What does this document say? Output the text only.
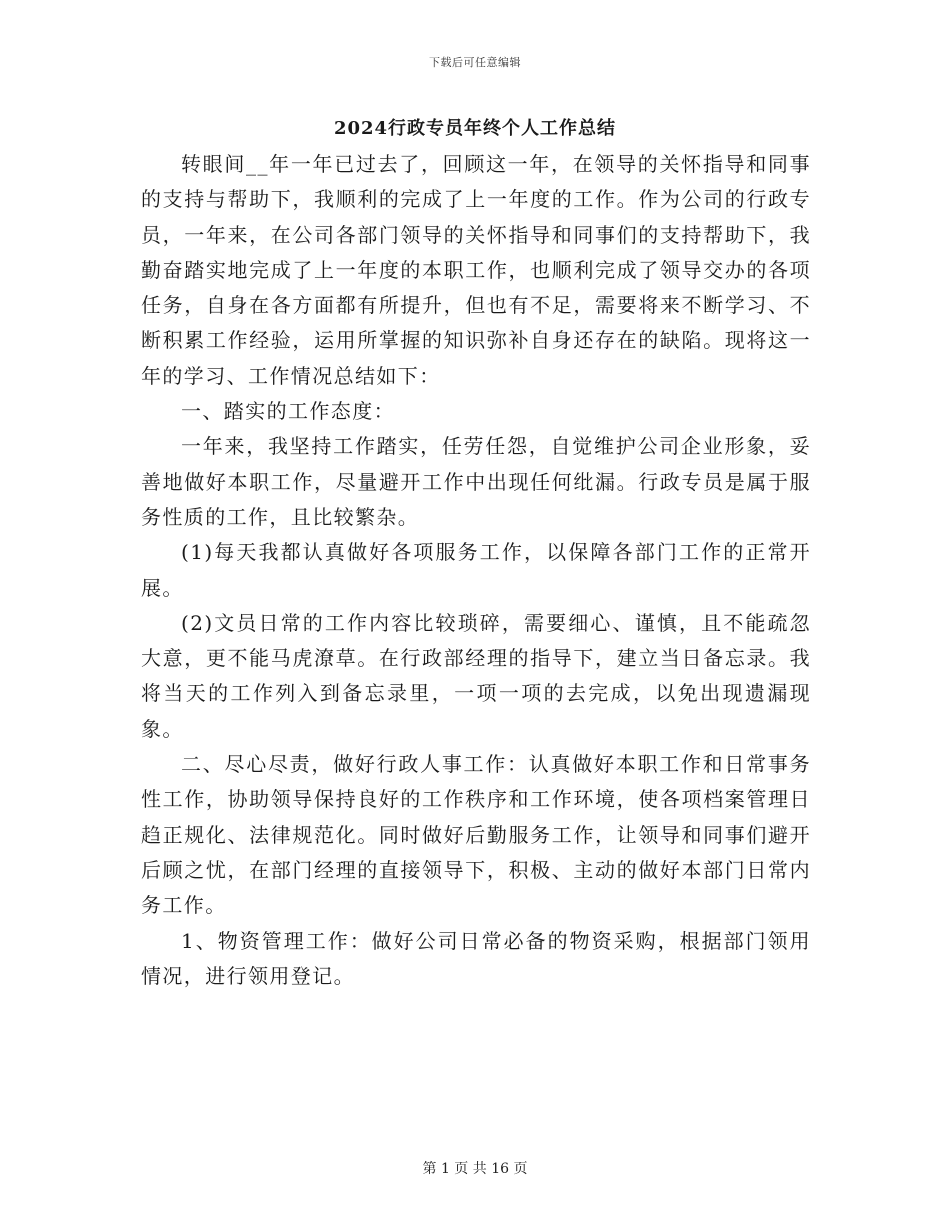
下载后可任意编辑
2024行政专员年终个人工作总结

转眼间__年一年已过去了，回顾这一年，在领导的关怀指导和同事的支持与帮助下，我顺利的完成了上一年度的工作。作为公司的行政专员，一年来，在公司各部门领导的关怀指导和同事们的支持帮助下，我勤奋踏实地完成了上一年度的本职工作，也顺利完成了领导交办的各项任务，自身在各方面都有所提升，但也有不足，需要将来不断学习、不断积累工作经验，运用所掌握的知识弥补自身还存在的缺陷。现将这一年的学习、工作情况总结如下：

一、踏实的工作态度：

一年来，我坚持工作踏实，任劳任怨，自觉维护公司企业形象，妥善地做好本职工作，尽量避开工作中出现任何纰漏。行政专员是属于服务性质的工作，且比较繁杂。

(1)每天我都认真做好各项服务工作，以保障各部门工作的正常开展。

(2)文员日常的工作内容比较琐碎，需要细心、谨慎，且不能疏忽大意，更不能马虎潦草。在行政部经理的指导下，建立当日备忘录。我将当天的工作列入到备忘录里，一项一项的去完成，以免出现遗漏现象。

二、尽心尽责，做好行政人事工作：认真做好本职工作和日常事务性工作，协助领导保持良好的工作秩序和工作环境，使各项档案管理日趋正规化、法律规范化。同时做好后勤服务工作，让领导和同事们避开后顾之忧，在部门经理的直接领导下，积极、主动的做好本部门日常内务工作。

1、物资管理工作：做好公司日常必备的物资采购，根据部门领用情况，进行领用登记。

第 1 页 共 16 页
